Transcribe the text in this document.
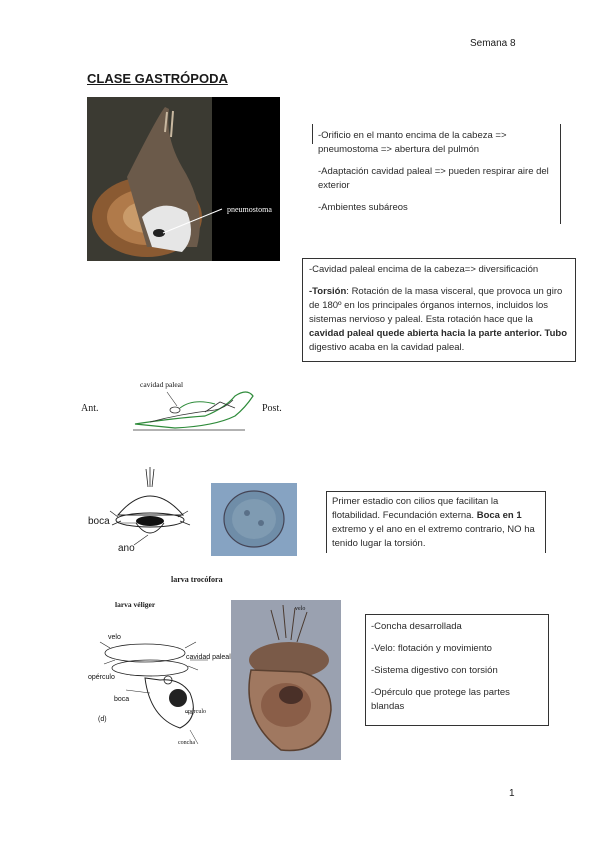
Semana 8
CLASE GASTRÓPODA
pneumostoma

-Orificio en el manto encima de la cabeza => pneumostoma => abertura del pulmón

-Adaptación cavidad paleal => pueden respirar aire del exterior

-Ambientes subáreos

-Cavidad paleal encima de la cabeza=> diversificación

-Torsión: Rotación de la masa visceral, que provoca un giro de 180º en los principales órganos internos, incluidos los sistemas nervioso y paleal. Esta rotación hace que la cavidad paleal quede abierta hacia la parte anterior. Tubo digestivo acaba en la cavidad paleal.

cavidad paleal
Ant.	Post.
boca
ano
larva trocófora
Primer estadio con cilios que facilitan la flotabilidad. Fecundación externa. Boca en 1 extremo y el ano en el extremo contrario, NO ha tenido lugar la torsión.
larva véliger
velo
opérculo
boca
(d)
cavidad paleal
opérculo
concha
velo

-Concha desarrollada

-Velo: flotación y movimiento

-Sistema digestivo con torsión

-Opérculo que protege las partes blandas

1
